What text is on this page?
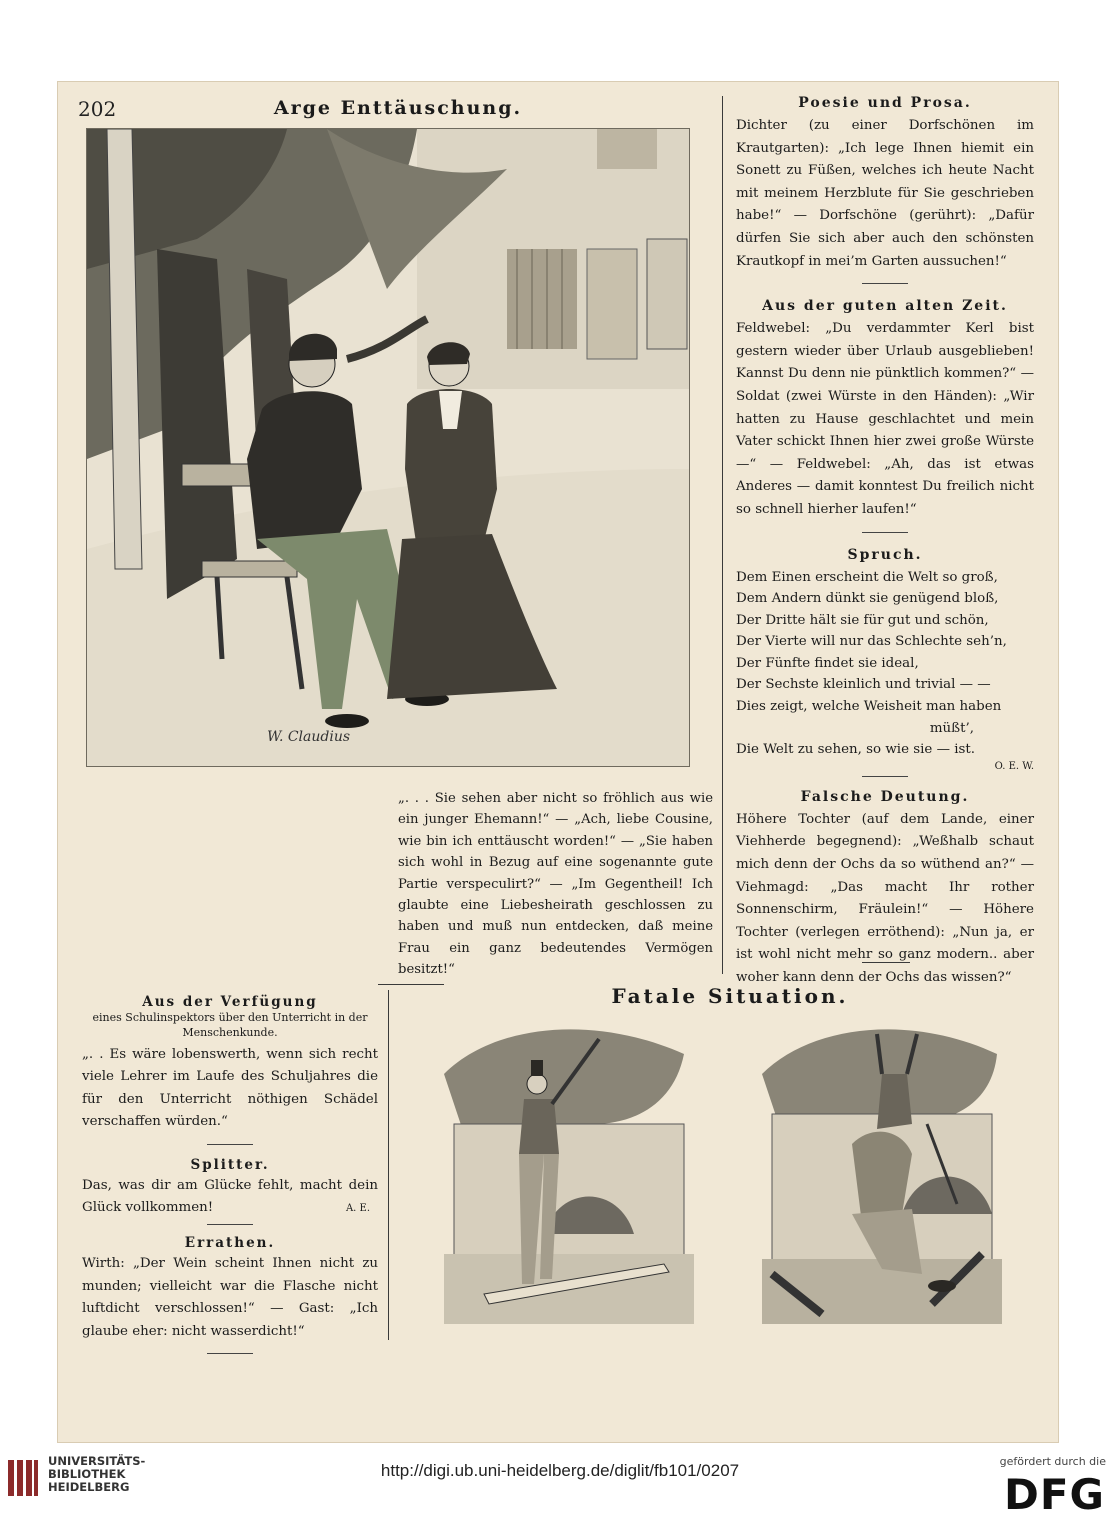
202	Arge Enttäuschung.
W. Claudius

„. . . Sie sehen aber nicht so fröhlich aus wie ein junger Ehemann!“ — „Ach, liebe Cousine, wie bin ich enttäuscht worden!“ — „Sie haben sich wohl in Bezug auf eine sogenannte gute Partie verspeculirt?“ — „Im Gegentheil! Ich glaubte eine Liebesheirath geschlossen zu haben und muß nun entdecken, daß meine Frau ein ganz bedeutendes Vermögen besitzt!“

Poesie und Prosa.

Dichter (zu einer Dorfschönen im Krautgarten): „Ich lege Ihnen hiemit ein Sonett zu Füßen, welches ich heute Nacht mit meinem Herzblute für Sie geschrieben habe!“ — Dorfschöne (gerührt): „Dafür dürfen Sie sich aber auch den schönsten Krautkopf in mei’m Garten aussuchen!“

Aus der guten alten Zeit.

Feldwebel: „Du verdammter Kerl bist gestern wieder über Urlaub ausgeblieben! Kannst Du denn nie pünktlich kommen?“ — Soldat (zwei Würste in den Händen): „Wir hatten zu Hause geschlachtet und mein Vater schickt Ihnen hier zwei große Würste —“ — Feldwebel: „Ah, das ist etwas Anderes — damit konntest Du freilich nicht so schnell hierher laufen!“

Spruch.
Dem Einen erscheint die Welt so groß,
Dem Andern dünkt sie genügend bloß,
Der Dritte hält sie für gut und schön,
Der Vierte will nur das Schlechte seh’n,
Der Fünfte findet sie ideal,
Der Sechste kleinlich und trivial — —
Dies zeigt, welche Weisheit man haben
müßt’,
Die Welt zu sehen, so wie sie — ist.
O. E. W.
Falsche Deutung.

Höhere Tochter (auf dem Lande, einer Viehherde begegnend): „Weßhalb schaut mich denn der Ochs da so wüthend an?“ — Viehmagd: „Das macht Ihr rother Sonnenschirm, Fräulein!“ — Höhere Tochter (verlegen erröthend): „Nun ja, er ist wohl nicht mehr so ganz modern.. aber woher kann denn der Ochs das wissen?“

Aus der Verfügung
eines Schulinspektors über den Unterricht in der Menschenkunde.

„. . Es wäre lobenswerth, wenn sich recht viele Lehrer im Laufe des Schuljahres die für den Unterricht nöthigen Schädel verschaffen würden.“

Splitter.

Das, was dir am Glücke fehlt, macht dein Glück vollkommen!	A. E.
Errathen.

Wirth: „Der Wein scheint Ihnen nicht zu munden; vielleicht war die Flasche nicht luftdicht verschlossen!“ — Gast: „Ich glaube eher: nicht wasserdicht!“

Fatale Situation.
UNIVERSITÄTS-
BIBLIOTHEK
HEIDELBERG
http://digi.ub.uni-heidelberg.de/diglit/fb101/0207	gefördert durch die
DFG
